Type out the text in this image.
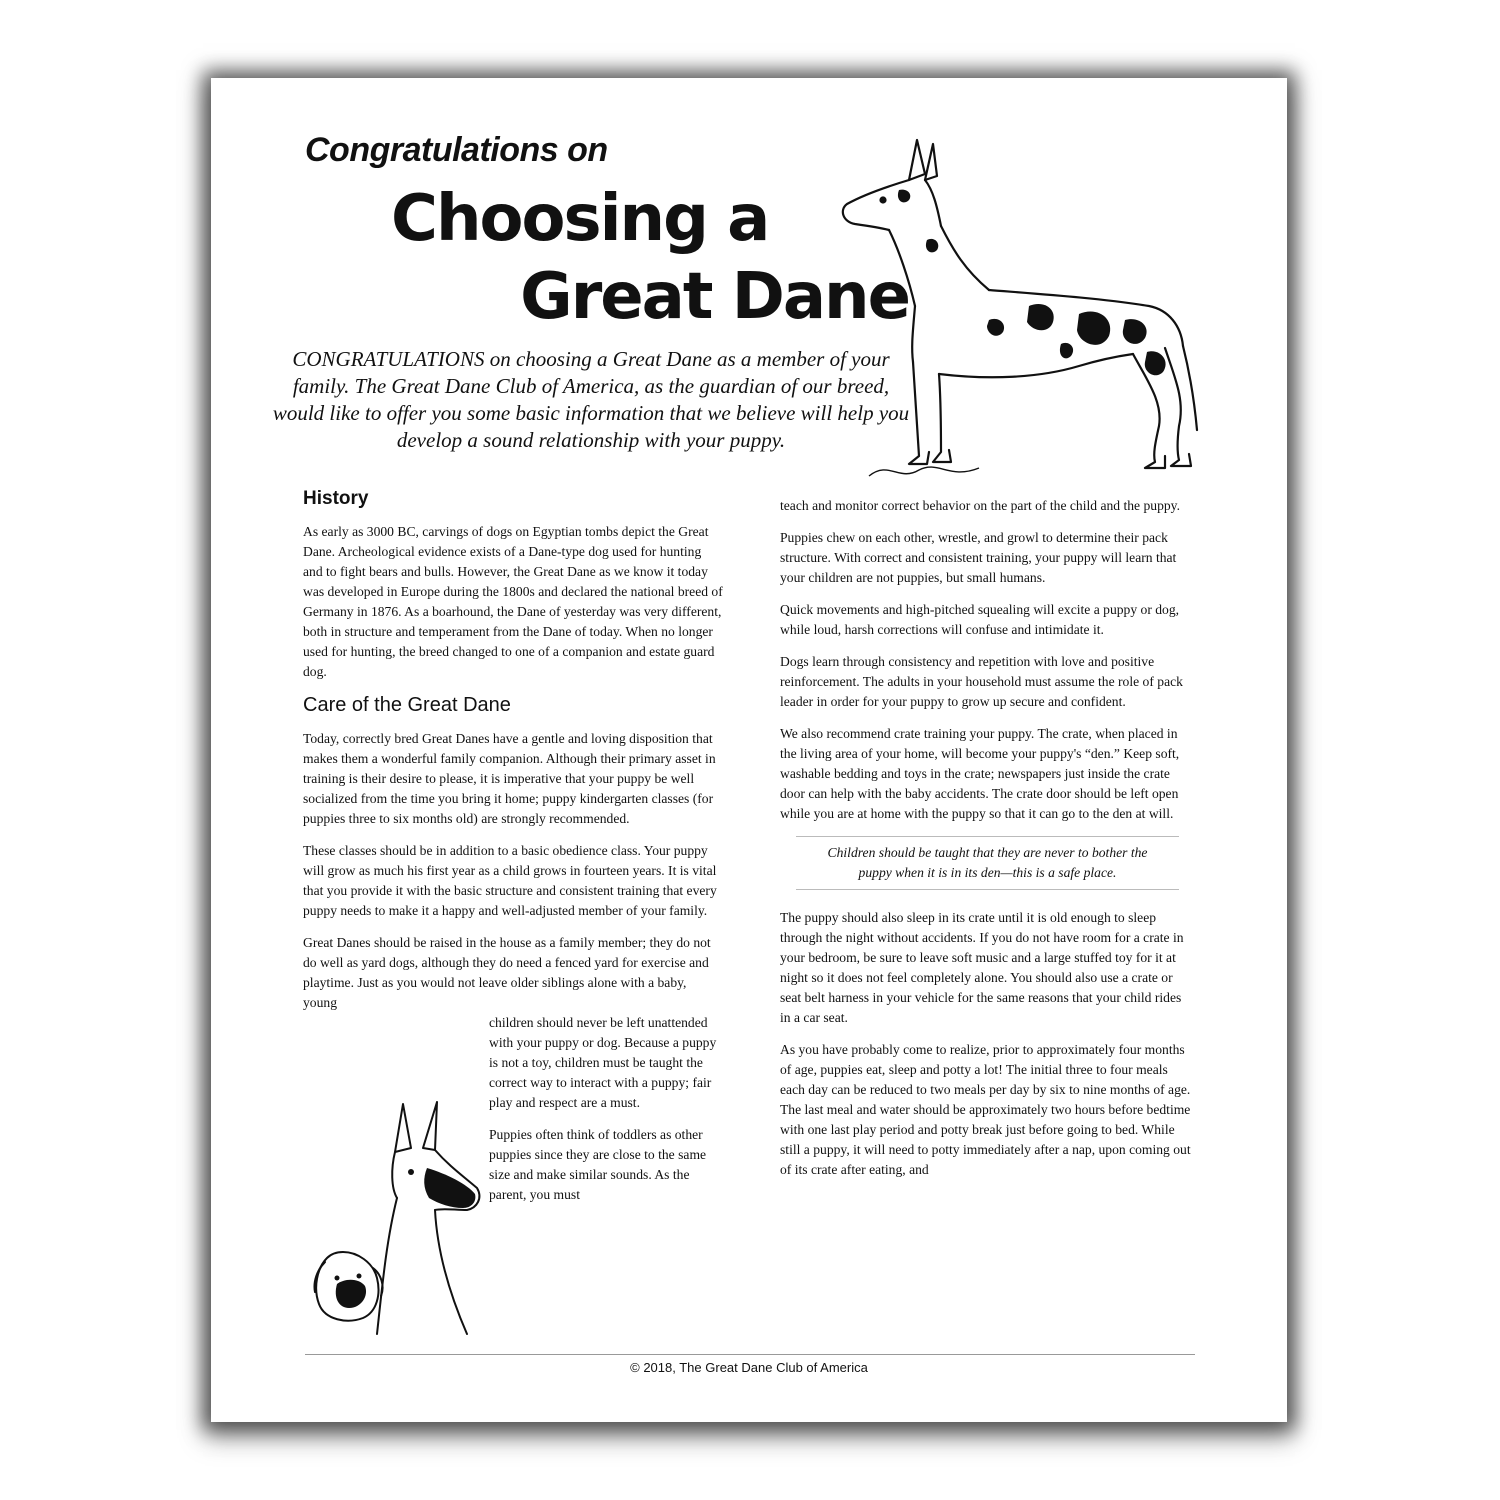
Congratulations on

Choosing a
Great Dane

CONGRATULATIONS on choosing a Great Dane as a member of your family. The Great Dane Club of America, as the guardian of our breed, would like to offer you some basic information that we believe will help you develop a sound relationship with your puppy.

History

As early as 3000 BC, carvings of dogs on Egyptian tombs depict the Great Dane. Archeological evidence exists of a Dane-type dog used for hunting and to fight bears and bulls. However, the Great Dane as we know it today was developed in Europe during the 1800s and declared the national breed of Germany in 1876. As a boarhound, the Dane of yesterday was very different, both in structure and temperament from the Dane of today. When no longer used for hunting, the breed changed to one of a companion and estate guard dog.

Care of the Great Dane

Today, correctly bred Great Danes have a gentle and loving disposition that makes them a wonderful family companion. Although their primary asset in training is their desire to please, it is imperative that your puppy be well socialized from the time you bring it home; puppy kindergarten classes (for puppies three to six months old) are strongly recommended.

These classes should be in addition to a basic obedience class. Your puppy will grow as much his first year as a child grows in fourteen years. It is vital that you provide it with the basic structure and consistent training that every puppy needs to make it a happy and well-adjusted member of your family.

Great Danes should be raised in the house as a family member; they do not do well as yard dogs, although they do need a fenced yard for exercise and playtime. Just as you would not leave older siblings alone with a baby, young

children should never be left unattended with your puppy or dog. Because a puppy is not a toy, children must be taught the correct way to interact with a puppy; fair play and respect are a must.

Puppies often think of toddlers as other puppies since they are close to the same size and make similar sounds. As the parent, you must

teach and monitor correct behavior on the part of the child and the puppy.

Puppies chew on each other, wrestle, and growl to determine their pack structure. With correct and consistent training, your puppy will learn that your children are not puppies, but small humans.

Quick movements and high-pitched squealing will excite a puppy or dog, while loud, harsh corrections will confuse and intimidate it.

Dogs learn through consistency and repetition with love and positive reinforcement. The adults in your household must assume the role of pack leader in order for your puppy to grow up secure and confident.

We also recommend crate training your puppy. The crate, when placed in the living area of your home, will become your puppy's “den.” Keep soft, washable bedding and toys in the crate; newspapers just inside the crate door can help with the baby accidents. The crate door should be left open while you are at home with the puppy so that it can go to the den at will.

Children should be taught that they are never to bother the puppy when it is in its den—this is a safe place.

The puppy should also sleep in its crate until it is old enough to sleep through the night without accidents. If you do not have room for a crate in your bedroom, be sure to leave soft music and a large stuffed toy for it at night so it does not feel completely alone. You should also use a crate or seat belt harness in your vehicle for the same reasons that your child rides in a car seat.

As you have probably come to realize, prior to approximately four months of age, puppies eat, sleep and potty a lot! The initial three to four meals each day can be reduced to two meals per day by six to nine months of age. The last meal and water should be approximately two hours before bedtime with one last play period and potty break just before going to bed. While still a puppy, it will need to potty immediately after a nap, upon coming out of its crate after eating, and

© 2018, The Great Dane Club of America
